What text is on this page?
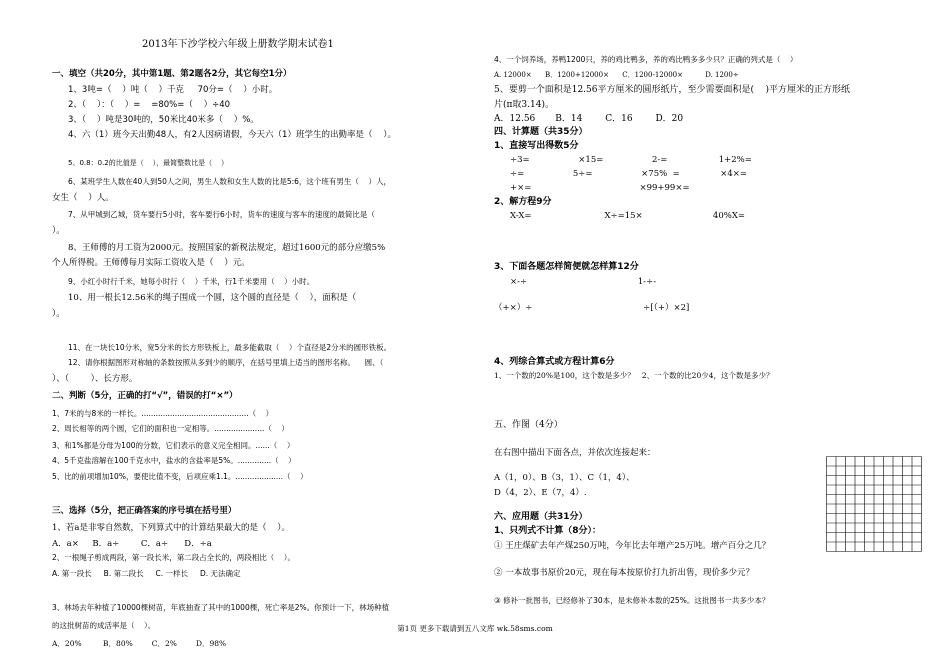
2013年下沙学校六年级上册数学期末试卷1
一、填空（共20分，其中第1题、第2题各2分，其它每空1分）
1、3吨=（    ）吨（    ）千克     70分=（    ）小时。
2、（    ）：（    ）=    =80%=（    ）÷40
3、（    ）吨是30吨的，50米比40米多（    ）%。
4、六（1）班今天出勤48人，有2人因病请假，今天六（1）班学生的出勤率是（    ）。
5、0.8：0.2的比值是（    ），最简整数比是（    ）
6、某班学生人数在40人到50人之间，男生人数和女生人数的比是5:6，这个班有男生（    ）人，
女生（    ）人。
7、从甲城到乙城，货车要行5小时，客车要行6小时，货车的速度与客车的速度的最简比是（
）。
8、王师傅的月工资为2000元。按照国家的新税法规定，超过1600元的部分应缴5%
个人所得税。王师傅每月实际工资收入是（    ）元。
9、小红小时行千米，她每小时行（    ）千米，行1千米要用（    ）小时。
10、用一根长12.56米的绳子围成一个圆，这个圆的直径是（    ），面积是（
）。
11、在一块长10分米，宽5分米的长方形铁板上，最多能截取（    ）个直径是2分米的圆形铁板。
12、请你根据图形对称轴的条数按照从多到少的顺序，在括号里填上适当的图形名称。    圆、（
）、（        ）、长方形。
二、判断（5分，正确的打“√”，错误的打“×”）
1、7米的与8米的一样长。.............................................（    ）
2、周长相等的两个圆，它们的面积也一定相等。.....................（    ）
3、和1%都是分母为100的分数，它们表示的意义完全相同。......（    ）
4、5千克盐溶解在100千克水中，盐水的含盐率是5%。..............（    ）
5、比的前项增加10%，要使比值不变，后项应乘1.1。....................（    ）
三、选择（5分，把正确答案的序号填在括号里）
1、若a是非零自然数，下列算式中的计算结果最大的是（    ）。
A．a×     B．a÷        C．a÷      D．÷a
2、一根绳子剪成两段，第一段长米，第二段占全长的，两段相比（    ）。
A. 第一段长     B. 第二段长     C. 一样长     D. 无法确定
3、林场去年种植了10000棵树苗，年底抽查了其中的1000棵，死亡率是2%。你预计一下，林场种植
的这批树苗的成活率是（    ）。
A．20%         B．80%        C．2%        D．98%
4、一个饲养场，养鸭1200只，养的鸡比鸭多，养的鸡比鸭多多少只？正确的列式是（    ）
A. 12000×      B．1200+12000×      C．1200-12000×          D. 1200÷
5、要剪一个面积是12.56平方厘米的圆形纸片，至少需要面积是(    )平方厘米的正方形纸
片(π取3.14)。
A．12.56       B．14        C．16        D．20
四、计算题（共35分）
1、直接写出得数5分
÷3=                  ×15=                  2-=                   1+2%=
÷=                  5÷=                  ×75%  =               ×4×=
+×=                                        ×99+99×=
2、解方程9分
X-X=                           X÷=15×                          40%X=
3、下面各题怎样简便就怎样算12分
×-÷                                         1-÷-
（+×）÷                                         ÷[（+）×2]
4、列综合算式或方程计算6分
1、一个数的20%是100，这个数是多少？   2、一个数的比20少4，这个数是多少？
五、作图（4分）
在右图中描出下面各点，并依次连接起来：
A（1，0）、B（3，1）、C（1，4）、
D（4，2）、E（7，4）.
六、应用题（共31分）
1、只列式不计算（8分）：
① 王庄煤矿去年产煤250万吨，今年比去年增产25万吨。增产百分之几？
② 一本故事书原价20元，现在每本按原价打九折出售，现价多少元？
③ 修补一批图书，已经修补了30本，是未修补本数的25%。这批图书一共多少本？
第1页 更多下载请到五八文库 wk.58sms.com
